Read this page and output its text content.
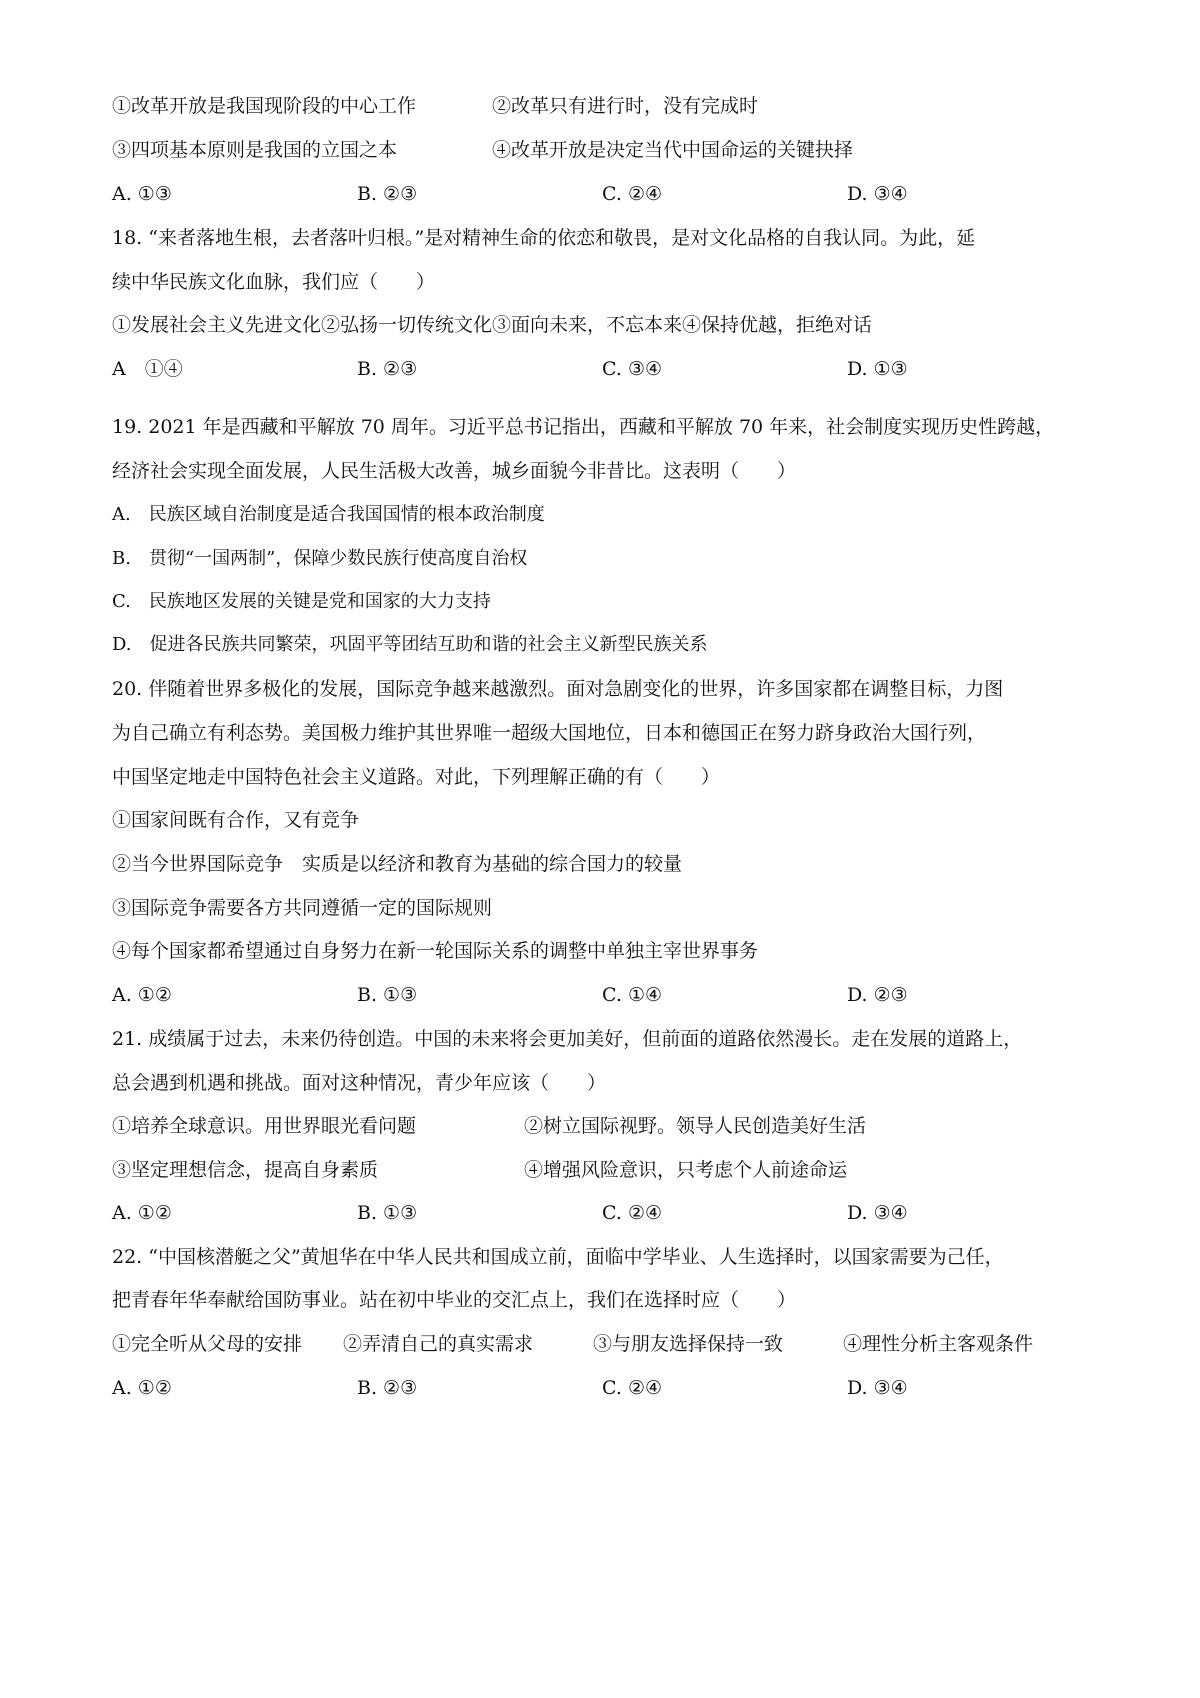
①改革开放是我国现阶段的中心工作	②改革只有进行时，没有完成时
③四项基本原则是我国的立国之本	④改革开放是决定当代中国命运的关键抉择
A. ①③	B. ②③	C. ②④	D. ③④
18. “来者落地生根，去者落叶归根。”是对精神生命的依恋和敬畏，是对文化品格的自我认同。为此，延
续中华民族文化血脉，我们应（　　）
①发展社会主义先进文化②弘扬一切传统文化③面向未来，不忘本来④保持优越，拒绝对话
A　①④	B. ②③	C. ③④	D. ①③
19. 2021 年是西藏和平解放 70 周年。习近平总书记指出，西藏和平解放 70 年来，社会制度实现历史性跨越，
经济社会实现全面发展，人民生活极大改善，城乡面貌今非昔比。这表明（　　）
A.　民族区域自治制度是适合我国国情的根本政治制度
B.　贯彻“一国两制”，保障少数民族行使高度自治权
C.　民族地区发展的关键是党和国家的大力支持
D.　促进各民族共同繁荣，巩固平等团结互助和谐的社会主义新型民族关系
20. 伴随着世界多极化的发展，国际竞争越来越激烈。面对急剧变化的世界，许多国家都在调整目标，力图
为自己确立有利态势。美国极力维护其世界唯一超级大国地位，日本和德国正在努力跻身政治大国行列，
中国坚定地走中国特色社会主义道路。对此，下列理解正确的有（　　）
①国家间既有合作，又有竞争
②当今世界国际竞争　实质是以经济和教育为基础的综合国力的较量
③国际竞争需要各方共同遵循一定的国际规则
④每个国家都希望通过自身努力在新一轮国际关系的调整中单独主宰世界事务
A. ①②	B. ①③	C. ①④	D. ②③
21. 成绩属于过去，未来仍待创造。中国的未来将会更加美好，但前面的道路依然漫长。走在发展的道路上，
总会遇到机遇和挑战。面对这种情况，青少年应该（　　）
①培养全球意识。用世界眼光看问题	②树立国际视野。领导人民创造美好生活
③坚定理想信念，提高自身素质	④增强风险意识，只考虑个人前途命运
A. ①②	B. ①③	C. ②④	D. ③④
22. “中国核潜艇之父”黄旭华在中华人民共和国成立前，面临中学毕业、人生选择时，以国家需要为己任，
把青春年华奉献给国防事业。站在初中毕业的交汇点上，我们在选择时应（　　）
①完全听从父母的安排 ②弄清自己的真实需求	③与朋友选择保持一致	④理性分析主客观条件
A. ①②	B. ②③	C. ②④	D. ③④
